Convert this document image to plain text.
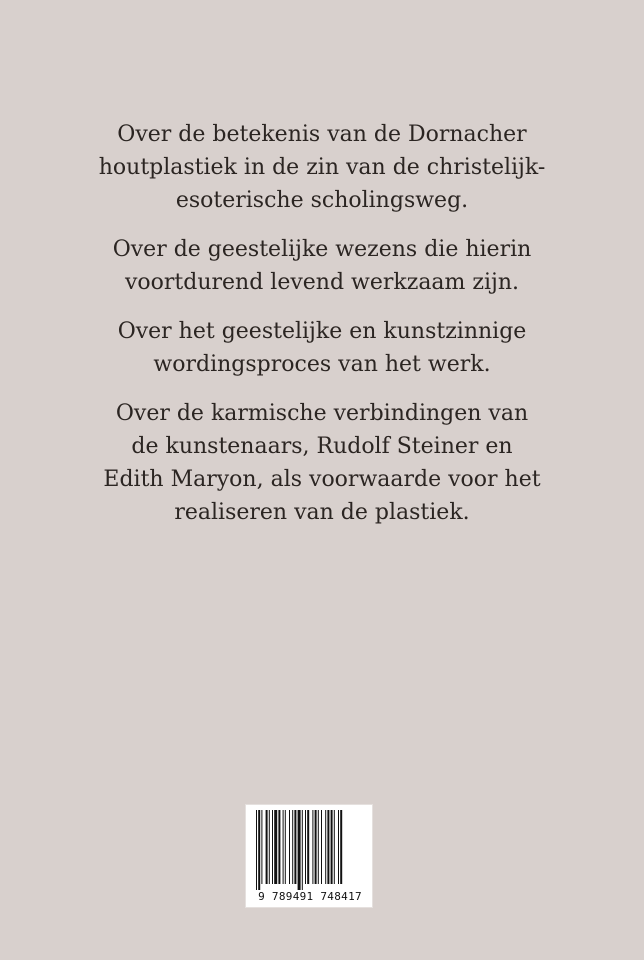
Over de betekenis van de Dornacher
houtplastiek in de zin van de christelijk-
esoterische scholingsweg.

Over de geestelijke wezens die hierin
voortdurend levend werkzaam zijn.

Over het geestelijke en kunstzinnige
wordingsproces van het werk.

Over de karmische verbindingen van
de kunstenaars, Rudolf Steiner en
Edith Maryon, als voorwaarde voor het
realiseren van de plastiek.

9 789491 748417
